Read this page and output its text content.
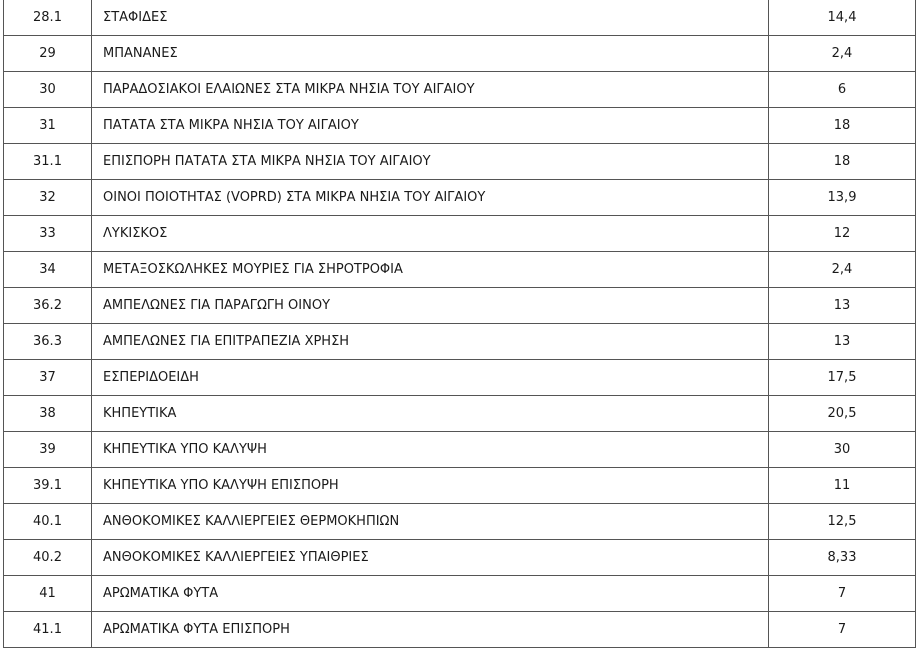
28.1	ΣΤΑΦΙΔΕΣ	14,4
29	ΜΠΑΝΑΝΕΣ	2,4
30	ΠΑΡΑΔΟΣΙΑΚΟΙ ΕΛΑΙΩΝΕΣ ΣΤΑ ΜΙΚΡΑ ΝΗΣΙΑ ΤΟΥ ΑΙΓΑΙΟΥ	6
31	ΠΑΤΑΤΑ ΣΤΑ ΜΙΚΡΑ ΝΗΣΙΑ ΤΟΥ ΑΙΓΑΙΟΥ	18
31.1	ΕΠΙΣΠΟΡΗ ΠΑΤΑΤΑ ΣΤΑ ΜΙΚΡΑ ΝΗΣΙΑ ΤΟΥ ΑΙΓΑΙΟΥ	18
32	ΟΙΝΟΙ ΠΟΙΟΤΗΤΑΣ (VOPRD) ΣΤΑ ΜΙΚΡΑ ΝΗΣΙΑ ΤΟΥ ΑΙΓΑΙΟΥ	13,9
33	ΛΥΚΙΣΚΟΣ	12
34	ΜΕΤΑΞΟΣΚΩΛΗΚΕΣ ΜΟΥΡΙΕΣ ΓΙΑ ΣΗΡΟΤΡΟΦΙΑ	2,4
36.2	ΑΜΠΕΛΩΝΕΣ ΓΙΑ ΠΑΡΑΓΩΓΗ ΟΙΝΟΥ	13
36.3	ΑΜΠΕΛΩΝΕΣ ΓΙΑ ΕΠΙΤΡΑΠΕΖΙΑ ΧΡΗΣΗ	13
37	ΕΣΠΕΡΙΔΟΕΙΔΗ	17,5
38	ΚΗΠΕΥΤΙΚΑ	20,5
39	ΚΗΠΕΥΤΙΚΑ ΥΠΟ ΚΑΛΥΨΗ	30
39.1	ΚΗΠΕΥΤΙΚΑ ΥΠΟ ΚΑΛΥΨΗ ΕΠΙΣΠΟΡΗ	11
40.1	ΑΝΘΟΚΟΜΙΚΕΣ ΚΑΛΛΙΕΡΓΕΙΕΣ ΘΕΡΜΟΚΗΠΙΩΝ	12,5
40.2	ΑΝΘΟΚΟΜΙΚΕΣ ΚΑΛΛΙΕΡΓΕΙΕΣ ΥΠΑΙΘΡΙΕΣ	8,33
41	ΑΡΩΜΑΤΙΚΑ ΦΥΤΑ	7
41.1	ΑΡΩΜΑΤΙΚΑ ΦΥΤΑ ΕΠΙΣΠΟΡΗ	7
